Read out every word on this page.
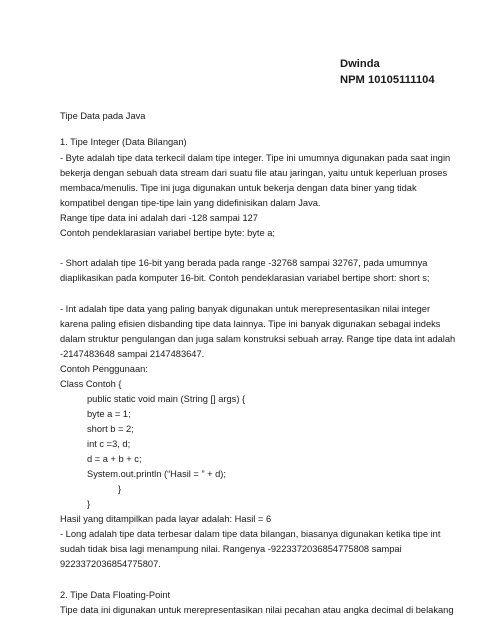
Dwinda
NPM 10105111104
Tipe Data pada Java
1. Tipe Integer (Data Bilangan)
- Byte adalah tipe data terkecil dalam tipe integer. Tipe ini umumnya digunakan pada saat ingin
bekerja dengan sebuah data stream dari suatu file atau jaringan, yaitu untuk keperluan proses
membaca/menulis. Tipe ini juga digunakan untuk bekerja dengan data biner yang tidak
kompatibel dengan tipe-tipe lain yang didefinisikan dalam Java.
Range tipe data ini adalah dari -128 sampai 127
Contoh pendeklarasian variabel bertipe byte: byte a;
- Short adalah tipe 16-bit yang berada pada range -32768 sampai 32767, pada umumnya
diaplikasikan pada komputer 16-bit. Contoh pendeklarasian variabel bertipe short: short s;
- Int adalah tipe data yang paling banyak digunakan untuk merepresentasikan nilai integer
karena paling efisien disbanding tipe data lainnya. Tipe ini banyak digunakan sebagai indeks
dalam struktur pengulangan dan juga salam konstruksi sebuah array. Range tipe data int adalah
-2147483648 sampai 2147483647.
Contoh Penggunaan:
Class Contoh {
public static void main (String [] args) {
byte a = 1;
short b = 2;
int c =3, d;
d = a + b + c;
System.out.println (“Hasil = ” + d);
}
}
Hasil yang ditampilkan pada layar adalah: Hasil = 6
- Long adalah tipe data terbesar dalam tipe data bilangan, biasanya digunakan ketika tipe int
sudah tidak bisa lagi menampung nilai. Rangenya -9223372036854775808 sampai
9223372036854775807.
2. Tipe Data Floating-Point
Tipe data ini digunakan untuk merepresentasikan nilai pecahan atau angka decimal di belakang
